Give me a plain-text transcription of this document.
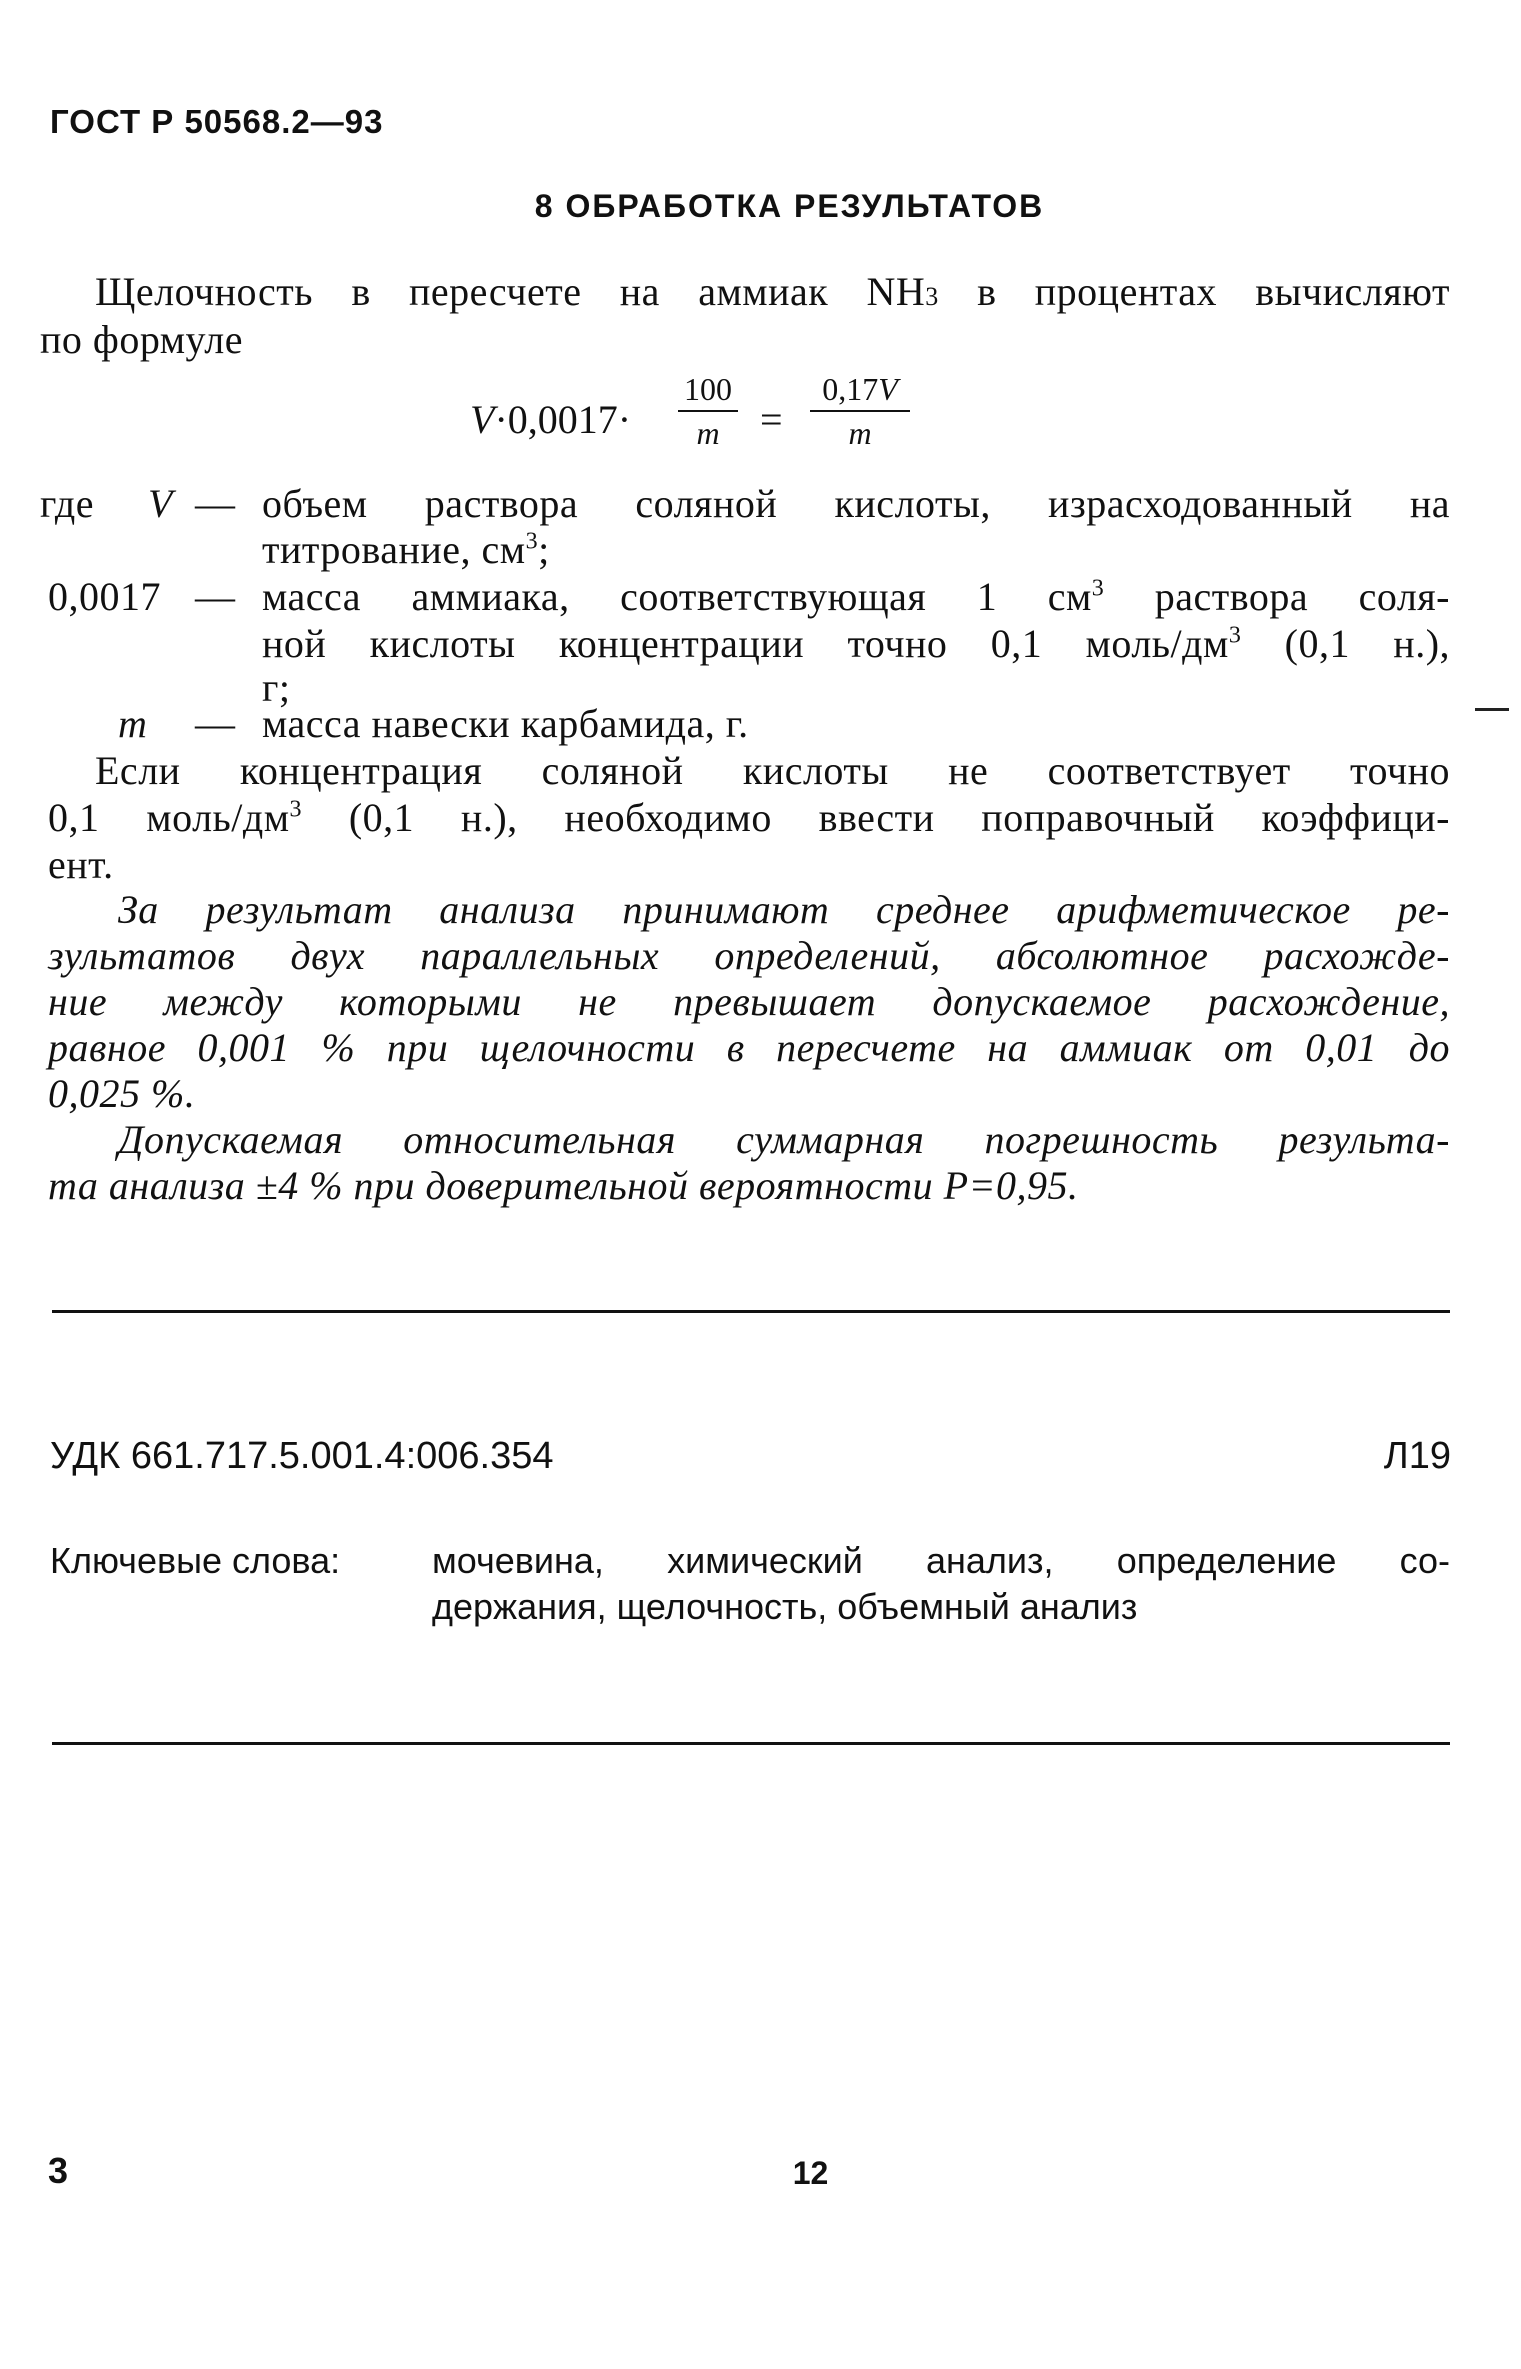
ГОСТ Р 50568.2—93
8 ОБРАБОТКА РЕЗУЛЬТАТОВ
Щелочность в пересчете на аммиак NH3 в процентах вычисляют
по формуле
V·0,0017·
100
m	=
0,17V
m
где V — объем раствора соляной кислоты, израсходованный на
титрование, $см^3$;
0,0017 — масса аммиака, соответствующая 1 $см^3$ раствора соля-
ной кислоты концентрации точно 0,1 моль/$дм^3$ (0,1 н.),
г;
m — масса навески карбамида, г.
Если концентрация соляной кислоты не соответствует точно
0,1 моль/$дм^3$ (0,1 н.), необходимо ввести поправочный коэффици-
ент.
За результат анализа принимают среднее арифметическое ре-
зультатов двух параллельных определений, абсолютное расхожде-
ние между которыми не превышает допускаемое расхождение,
равное 0,001 % при щелочности в пересчете на аммиак от 0,01 до
0,025 %.
Допускаемая относительная суммарная погрешность результа-
та анализа ±4 % при доверительной вероятности P=0,95.
УДК 661.717.5.001.4:006.354	Л19
Ключевые слова:	мочевина, химический анализ, определение со-
держания, щелочность, объемный анализ
3	12
